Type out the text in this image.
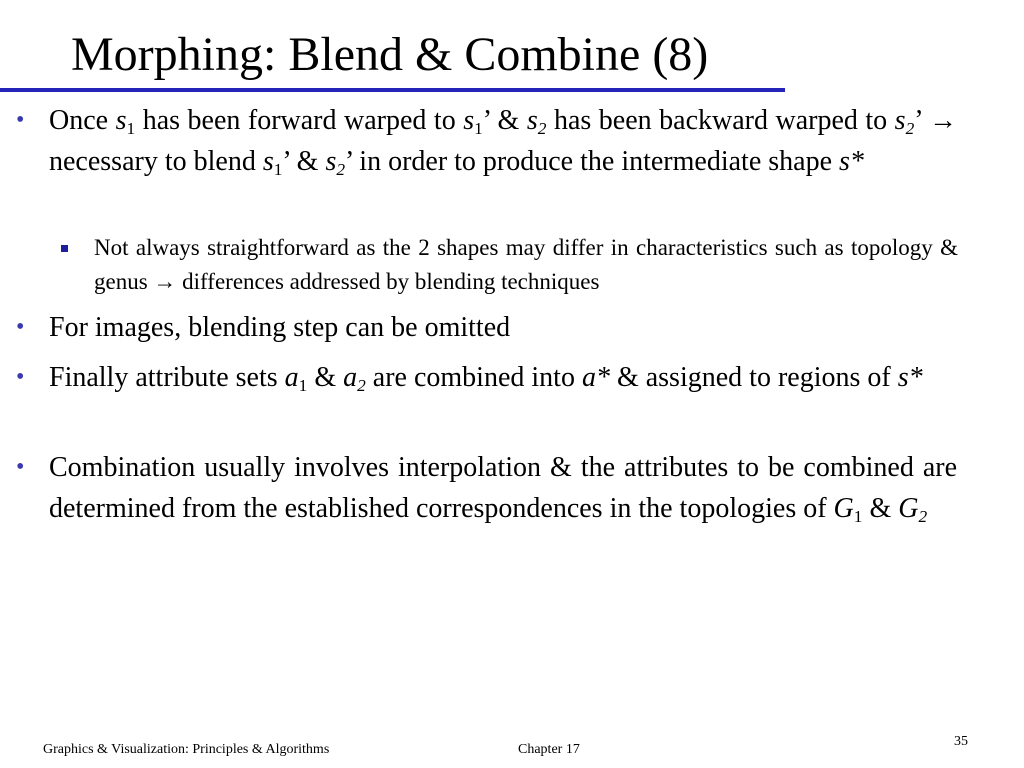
Morphing: Blend & Combine (8)
• Once $s_1$ has been forward warped to $s_1$’ & $s_2$ has been backward warped to $s_2$’ → necessary to blend $s_1$’ & $s_2$’ in order to produce the intermediate shape s*
Not always straightforward as the 2 shapes may differ in characteristics such as topology & genus → differences addressed by blending techniques
• For images, blending step can be omitted
• Finally attribute sets $a_1$ & $a_2$ are combined into a* & assigned to regions of s*
• Combination usually involves interpolation & the attributes to be combined are determined from the established correspondences in the topologies of $G_1$ & $G_2$
Graphics & Visualization: Principles & Algorithms	Chapter 17
35
